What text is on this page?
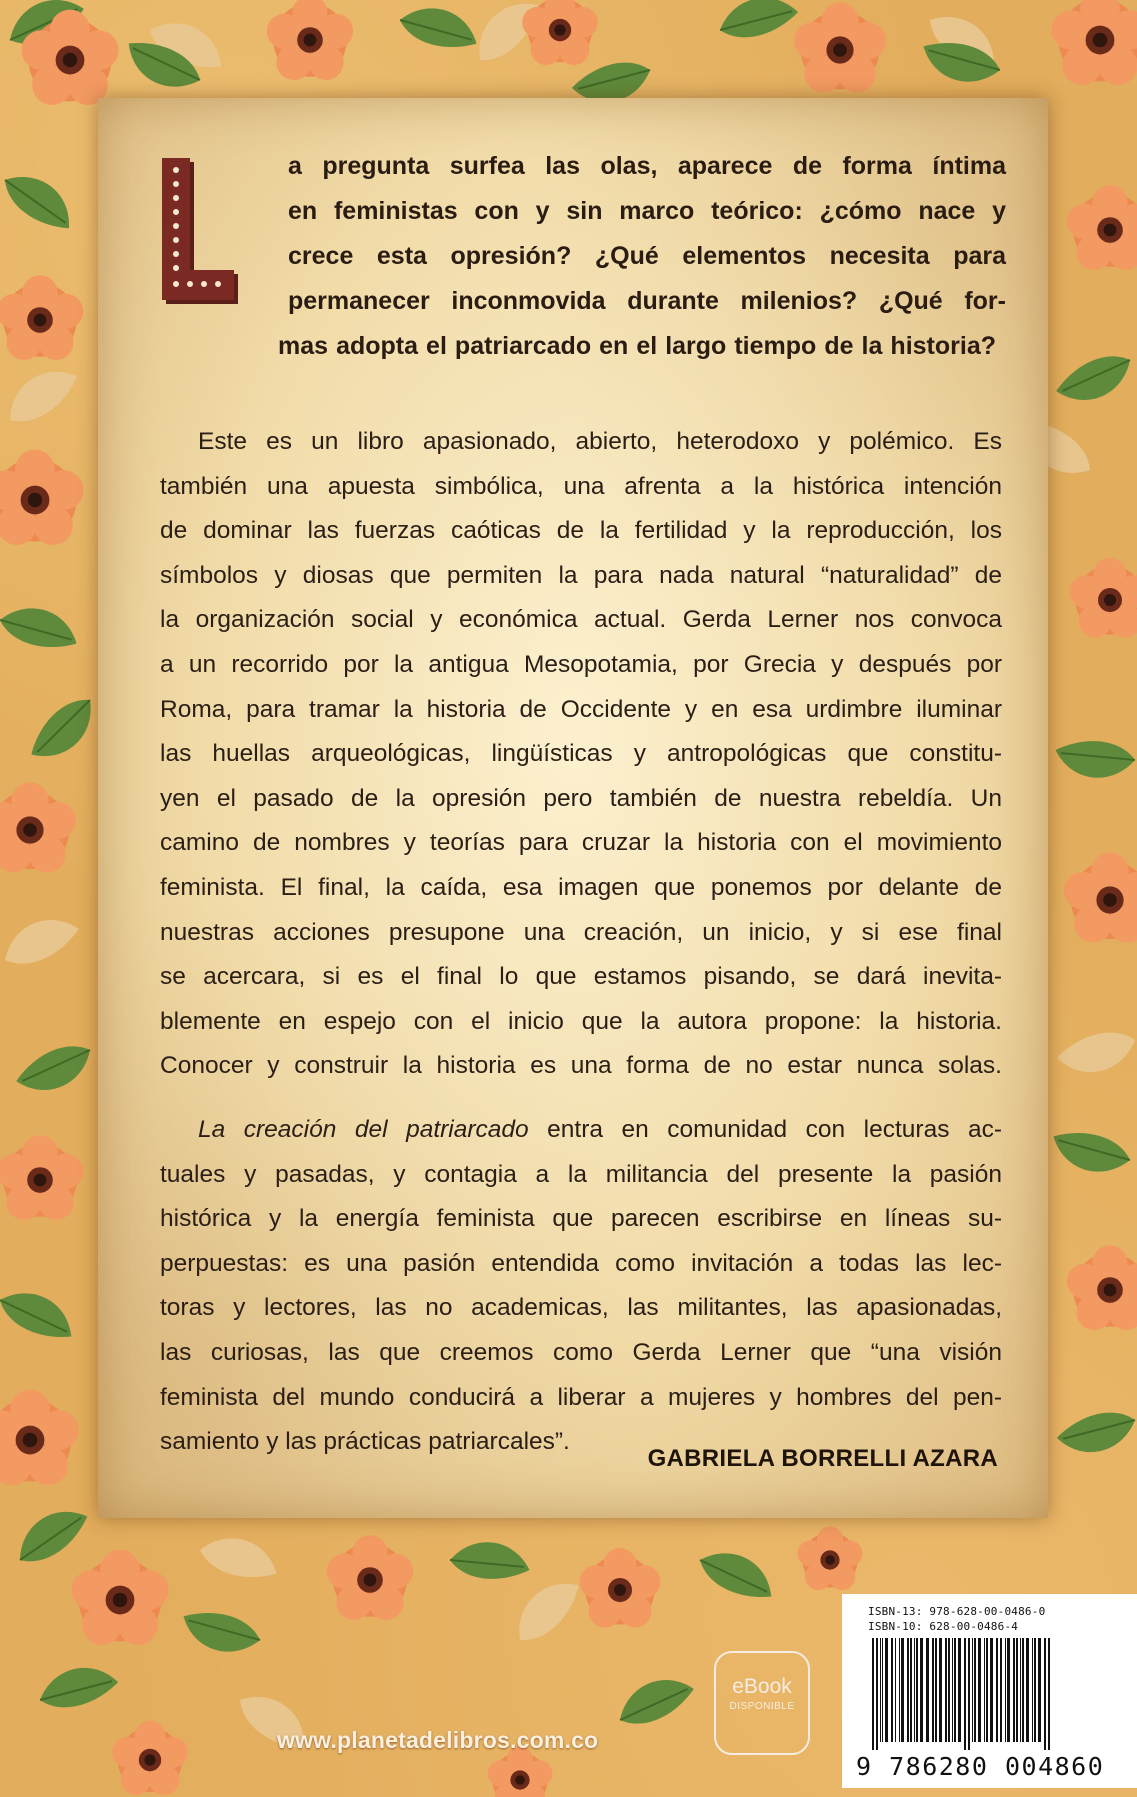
L	a pregunta surfea las olas, aparece de forma íntima
en feministas con y sin marco teórico: ¿cómo nace y
crece esta opresión? ¿Qué elementos necesita para
permanecer inconmovida durante milenios? ¿Qué for-
mas adopta el patriarcado en el largo tiempo de la historia?

Este es un libro apasionado, abierto, heterodoxo y polémico. Es
también una apuesta simbólica, una afrenta a la histórica intención
de dominar las fuerzas caóticas de la fertilidad y la reproducción, los
símbolos y diosas que permiten la para nada natural “naturalidad” de
la organización social y económica actual. Gerda Lerner nos convoca
a un recorrido por la antigua Mesopotamia, por Grecia y después por
Roma, para tramar la historia de Occidente y en esa urdimbre iluminar
las huellas arqueológicas, lingüísticas y antropológicas que constitu-
yen el pasado de la opresión pero también de nuestra rebeldía. Un
camino de nombres y teorías para cruzar la historia con el movimiento
feminista. El final, la caída, esa imagen que ponemos por delante de
nuestras acciones presupone una creación, un inicio, y si ese final
se acercara, si es el final lo que estamos pisando, se dará inevita-
blemente en espejo con el inicio que la autora propone: la historia.
Conocer y construir la historia es una forma de no estar nunca solas.

La creación del patriarcado entra en comunidad con lecturas ac-
tuales y pasadas, y contagia a la militancia del presente la pasión
histórica y la energía feminista que parecen escribirse en líneas su-
perpuestas: es una pasión entendida como invitación a todas las lec-
toras y lectores, las no academicas, las militantes, las apasionadas,
las curiosas, las que creemos como Gerda Lerner que “una visión
feminista del mundo conducirá a liberar a mujeres y hombres del pen-
samiento y las prácticas patriarcales”.

GABRIELA BORRELLI AZARA

www.planetadelibros.com.co
eBook
DISPONIBLE
ISBN-13: 978-628-00-0486-0
ISBN-10: 628-00-0486-4
9 786280 004860
